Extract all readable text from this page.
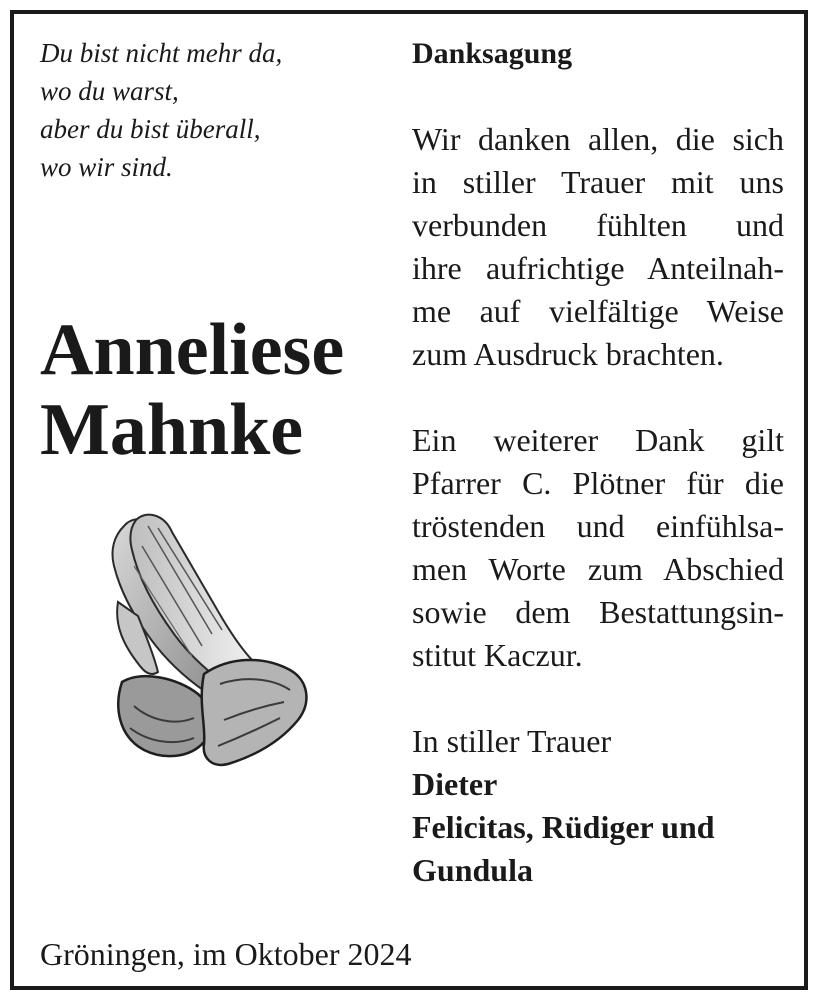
Du bist nicht mehr da,
wo du warst,
aber du bist überall,
wo wir sind.
Anneliese
Mahnke
Danksagung
Wir danken allen, die sich
in stiller Trauer mit uns
verbunden fühlten und
ihre aufrichtige Anteilnah-
me auf vielfältige Weise
zum Ausdruck brachten.
Ein weiterer Dank gilt
Pfarrer C. Plötner für die
tröstenden und einfühlsa-
men Worte zum Abschied
sowie dem Bestattungsin-
stitut Kaczur.
In stiller Trauer
Dieter
Felicitas, Rüdiger und
Gundula
Gröningen, im Oktober 2024
